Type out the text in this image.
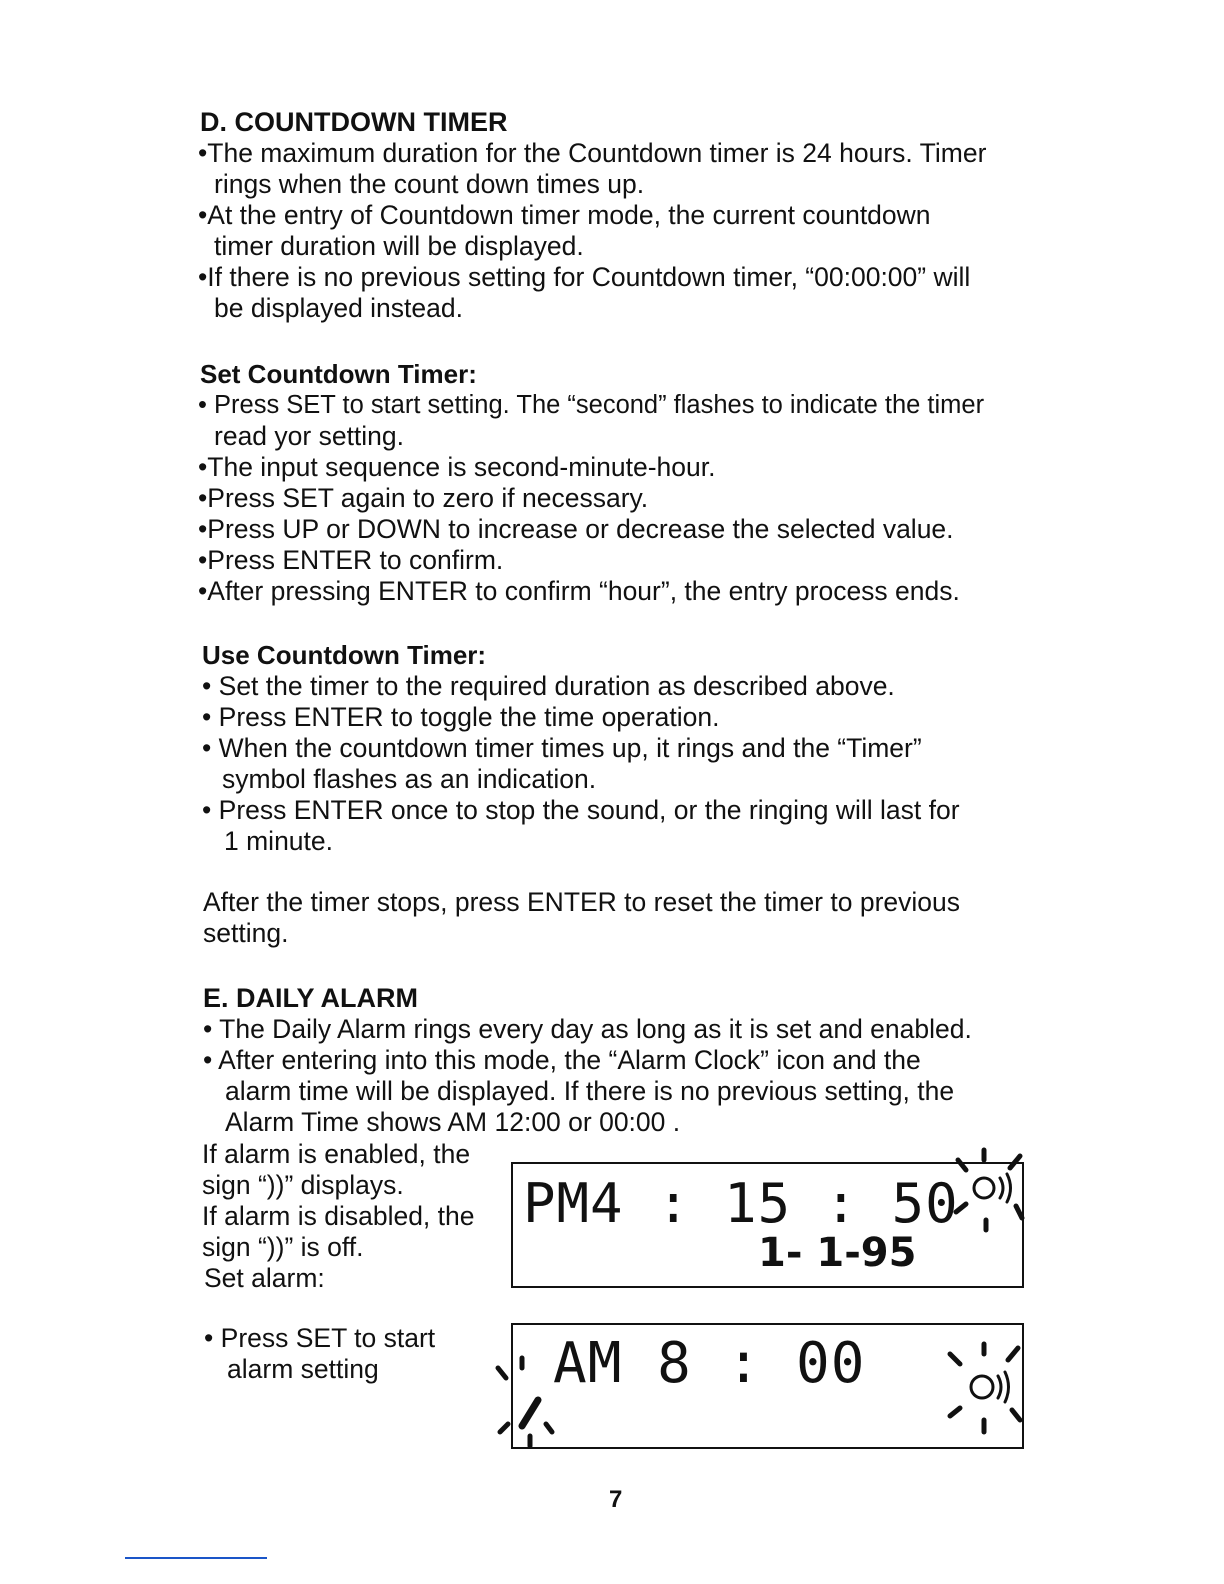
D. COUNTDOWN TIMER
•The maximum duration for the Countdown timer is 24 hours. Timer
rings when the count down times up.
•At the entry of Countdown timer mode, the current countdown
timer duration will be displayed.
•If there is no previous setting for Countdown timer, “00:00:00” will
be displayed instead.
Set Countdown Timer:
• Press SET to start setting. The “second” flashes to indicate the timer
read yor setting.
•The input sequence is second-minute-hour.
•Press SET again to zero if necessary.
•Press UP or DOWN to increase or decrease the selected value.
•Press ENTER to confirm.
•After pressing ENTER to confirm “hour”, the entry process ends.
Use Countdown Timer:
• Set the timer to the required duration as described above.
• Press ENTER to toggle the time operation.
• When the countdown timer times up, it rings and the “Timer”
symbol flashes as an indication.
• Press ENTER once to stop the sound, or the ringing will last for
1 minute.
After the timer stops, press ENTER to reset the timer to previous
setting.
E. DAILY ALARM
• The Daily Alarm rings every day as long as it is set and enabled.
• After entering into this mode, the “Alarm Clock” icon and the
alarm time will be displayed. If there is no previous setting, the
Alarm Time shows AM 12:00 or 00:00 .
If alarm is enabled, the
sign “))” displays.
If alarm is disabled, the
sign “))” is off.
Set alarm:
• Press SET to start
alarm setting
PM4 : 15 : 50
1- 1-95
AM 8 : 00
7
